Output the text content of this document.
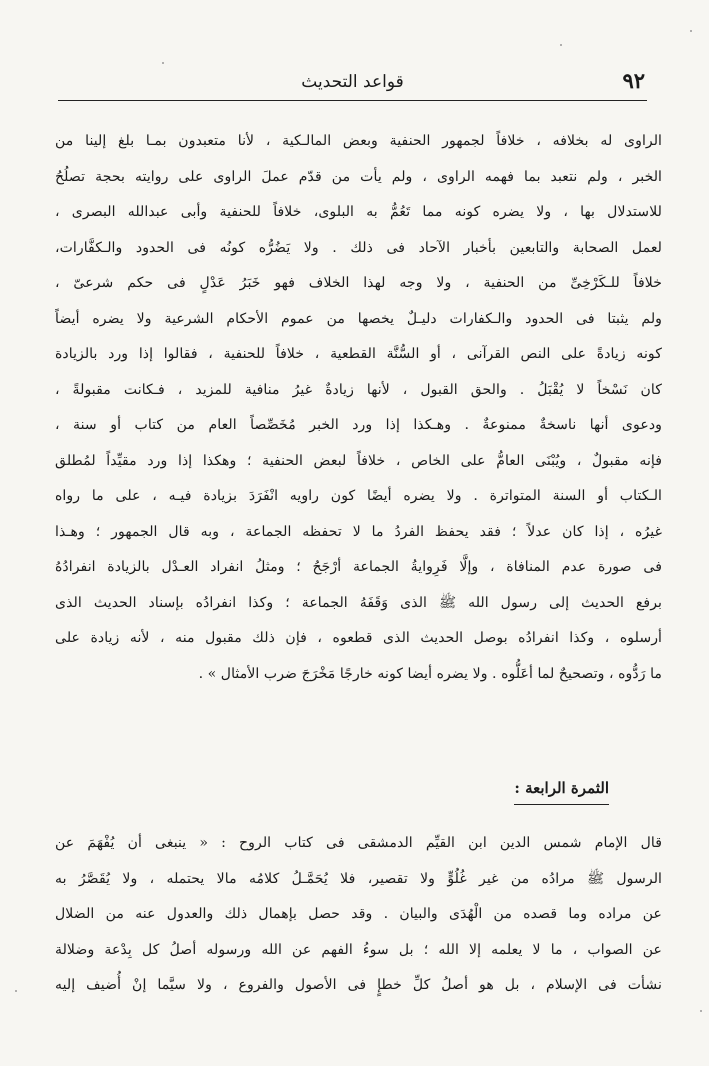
٩٢
قواعد التحديث
الراوى له بخلافه ، خلافاً لجمهور الحنفية وبعض المالـكية ، لأنا متعبدون بمـا بلغ إلينا من
الخبر ، ولم نتعبد بما فهمه الراوى ، ولم يأت من قدّم عملَ الراوى على روايته بحجة تصلُحُ
للاستدلال بها ، ولا يضره كونه مما تَعُمُّ به البلوى، خلافاً للحنفية وأبى عبدالله البصرى ،
لعمل الصحابة والتابعين بأخبار الآحاد فى ذلك . ولا يَضُرُّه كونُه فى الحدود والـكفَّارات،
خلافاً للـكَرْخِىِّ من الحنفية ، ولا وجه لهذا الخلاف فهو خَبَرُ عَدْلٍ فى حكم شرعىّ ،
ولم يثبتا فى الحدود والـكفارات دليـلٌ يخصها من عموم الأحكام الشرعية ولا يضره أيضاً
كونه زيادةً على النص القرآنى ، أو السُّنَّة القطعية ، خلافاً للحنفية ، فقالوا إذا ورد بالزيادة
كان نَسْخاً لا يُقْبَلُ . والحق القبول ، لأنها زيادةٌ غيرُ منافية للمزيد ، فـكانت مقبولةً ،
ودعوى أنها ناسخةٌ ممنوعةٌ . وهـكذا إذا ورد الخبر مُخَصِّصاً العام من كتاب أو سنة ،
فإنه مقبولٌ ، ويُبْنَى العامُّ على الخاص ، خلافاً لبعض الحنفية ؛ وهكذا إذا ورد مقيِّداً لمُطلق
الـكتاب أو السنة المتواترة . ولا يضره أيضًا كون راويه انْفَرَدَ بزيادة فيـه ، على ما رواه
غيرُه ، إذا كان عدلاً ؛ فقد يحفظ الفردُ ما لا تحفظه الجماعة ، وبه قال الجمهور ؛ وهـذا
فى صورة عدم المنافاة ، وإلَّا فَرِوايةُ الجماعة أرْجَحُ ؛ ومثلُ انفراد العـدْل بالزيادة انفرادُهُ
برفع الحديث إلى رسول الله ﷺ الذى وَقَفَهُ الجماعة ؛ وكذا انفرادُه بإسناد الحديث الذى
أرسلوه ، وكذا انفرادُه بوصل الحديث الذى قطعوه ، فإن ذلك مقبول منه ، لأنه زيادة على
ما رَدُّوه ، وتصحيحٌ لما أعَلُّوه . ولا يضره أيضا كونه خارجًا مَخْرَجَ ضرب الأمثال » .
الثمرة الرابعة :
قال الإمام شمس الدين ابن القيِّم الدمشقى فى كتاب الروح : « ينبغى أن يُفْهَمَ عن
الرسول ﷺ مرادُه من غير غُلُوٍّ ولا تقصير، فلا يُحَمَّـلُ كلامُه مالا يحتمله ، ولا يُقَصَّرُ به
عن مراده وما قصده من الْهُدَى والبيان . وقد حصل بإهمال ذلك والعدول عنه من الضلال
عن الصواب ، ما لا يعلمه إلا الله ؛ بل سوءُ الفهم عن الله ورسوله أصلُ كل بِدْعة وضلالة
نشأت فى الإسلام ، بل هو أصلُ كلِّ خطإٍ فى الأصول والفروع ، ولا سيَّما إنْ أُضيف إليه
